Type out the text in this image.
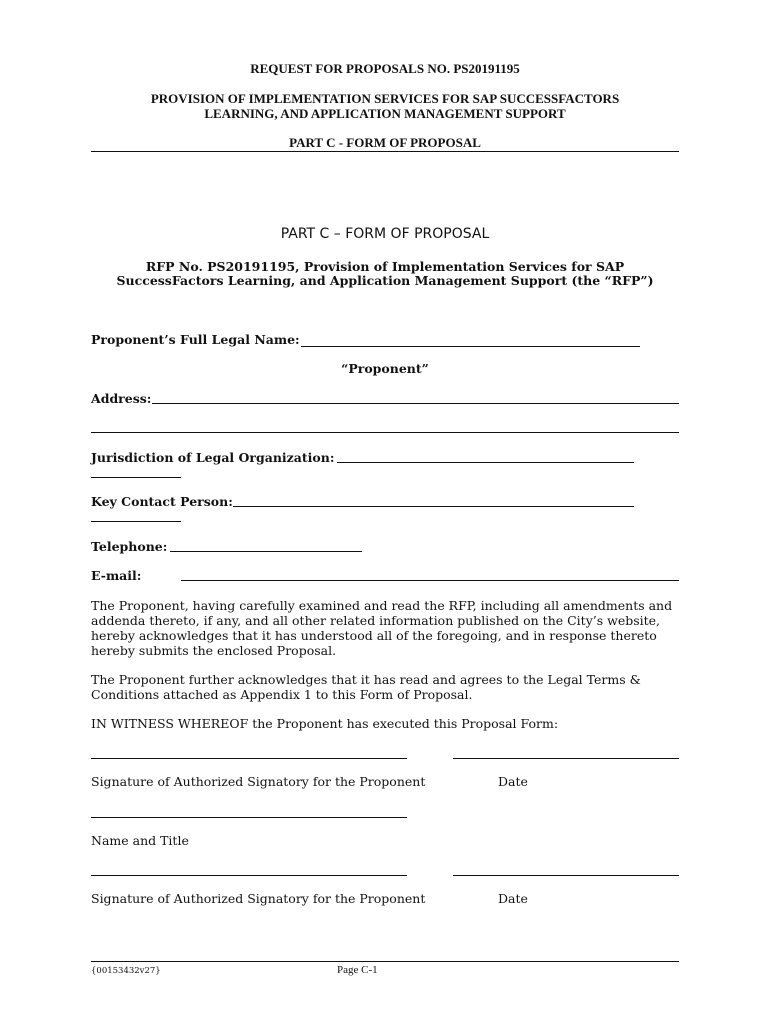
REQUEST FOR PROPOSALS NO. PS20191195
PROVISION OF IMPLEMENTATION SERVICES FOR SAP SUCCESSFACTORS
LEARNING, AND APPLICATION MANAGEMENT SUPPORT
PART C - FORM OF PROPOSAL
PART C – FORM OF PROPOSAL
RFP No. PS20191195, Provision of Implementation Services for SAP
SuccessFactors Learning, and Application Management Support (the “RFP”)
Proponent’s Full Legal Name:
“Proponent”
Address:
Jurisdiction of Legal Organization:
Key Contact Person:
Telephone:
E-mail:
The Proponent, having carefully examined and read the RFP, including all amendments and
addenda thereto, if any, and all other related information published on the City’s website,
hereby acknowledges that it has understood all of the foregoing, and in response thereto
hereby submits the enclosed Proposal.
The Proponent further acknowledges that it has read and agrees to the Legal Terms &
Conditions attached as Appendix 1 to this Form of Proposal.
IN WITNESS WHEREOF the Proponent has executed this Proposal Form:
Signature of Authorized Signatory for the Proponent	Date
Name and Title
Signature of Authorized Signatory for the Proponent	Date
{00153432v27}	Page C-1
